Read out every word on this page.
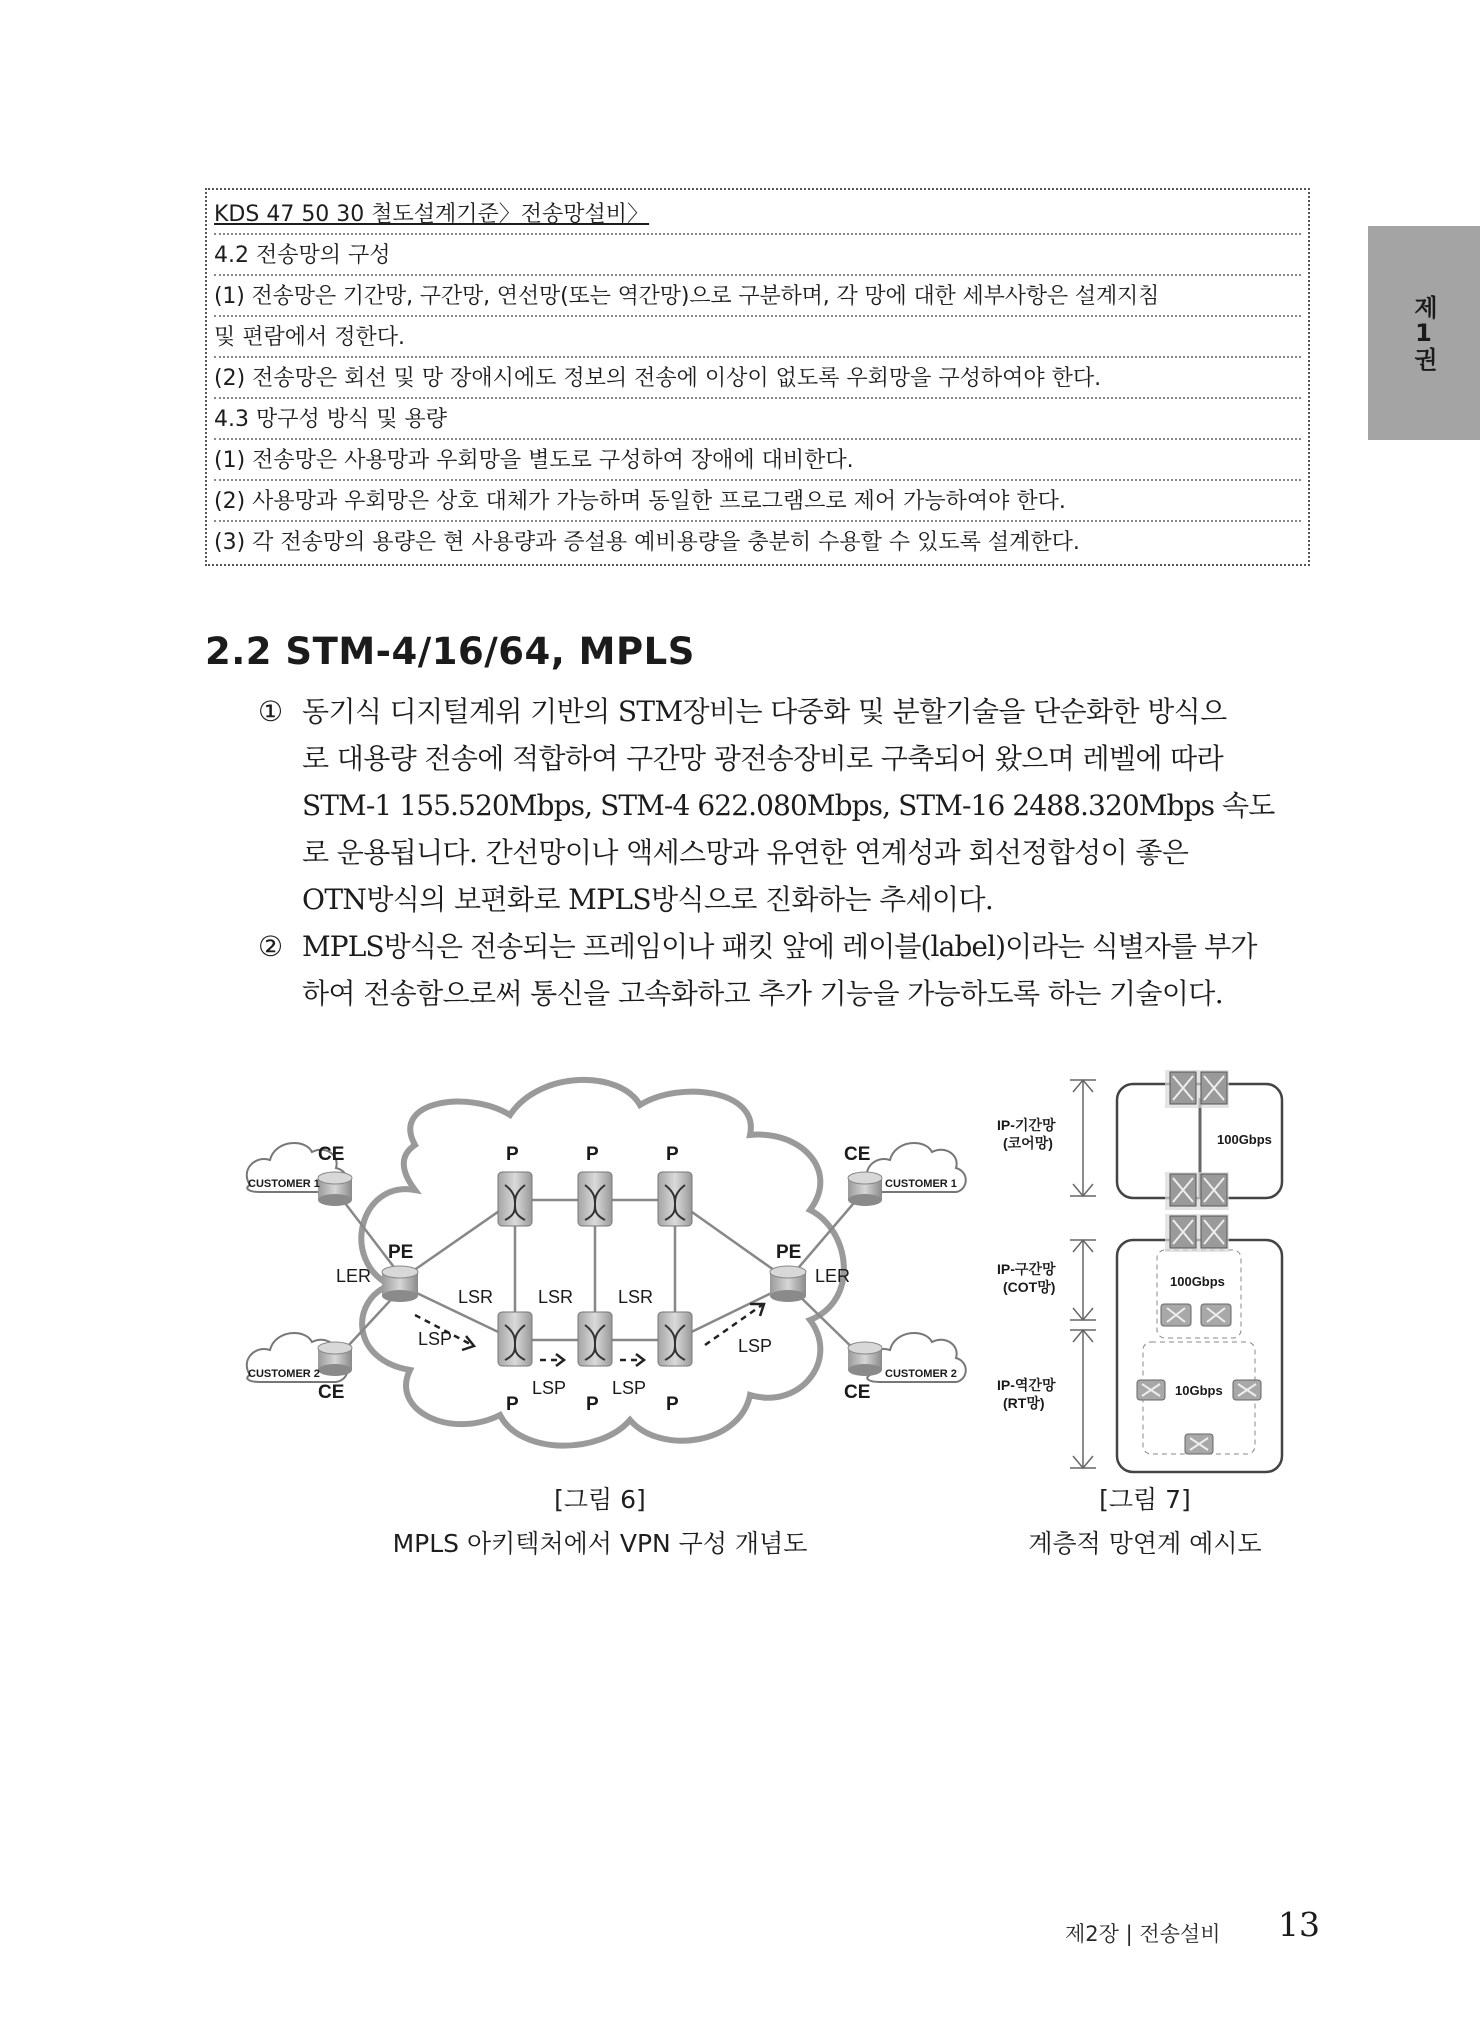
제1권
KDS 47 50 30 철도설계기준〉전송망설비〉
4.2 전송망의 구성
(1) 전송망은 기간망, 구간망, 연선망(또는 역간망)으로 구분하며, 각 망에 대한 세부사항은 설계지침
및 편람에서 정한다.
(2) 전송망은 회선 및 망 장애시에도 정보의 전송에 이상이 없도록 우회망을 구성하여야 한다.
4.3 망구성 방식 및 용량
(1) 전송망은 사용망과 우회망을 별도로 구성하여 장애에 대비한다.
(2) 사용망과 우회망은 상호 대체가 가능하며 동일한 프로그램으로 제어 가능하여야 한다.
(3) 각 전송망의 용량은 현 사용량과 증설용 예비용량을 충분히 수용할 수 있도록 설계한다.
2.2 STM-4/16/64, MPLS
① 동기식 디지털계위 기반의 STM장비는 다중화 및 분할기술을 단순화한 방식으
로 대용량 전송에 적합하여 구간망 광전송장비로 구축되어 왔으며 레벨에 따라
STM-1 155.520Mbps, STM-4 622.080Mbps, STM-16 2488.320Mbps 속도
로 운용됩니다. 간선망이나 액세스망과 유연한 연계성과 회선정합성이 좋은
OTN방식의 보편화로 MPLS방식으로 진화하는 추세이다.
② MPLS방식은 전송되는 프레임이나 패킷 앞에 레이블(label)이라는 식별자를 부가
하여 전송함으로써 통신을 고속화하고 추가 기능을 가능하도록 하는 기술이다.
CE
CE
CE
CE
PE	PE
P	P	P
P	P	P
LER	LER
LSR LSR LSR
LSP
LSP	LSP
LSP
CUSTOMER 1
CUSTOMER 2
CUSTOMER 1
CUSTOMER 2
IP-기간망
(코어망)
IP-구간망
(COT망)
IP-역간망
(RT망)
100Gbps
100Gbps
10Gbps
[그림 6]
MPLS 아키텍처에서 VPN 구성 개념도
[그림 7]
계층적 망연계 예시도
제2장 | 전송설비 13
